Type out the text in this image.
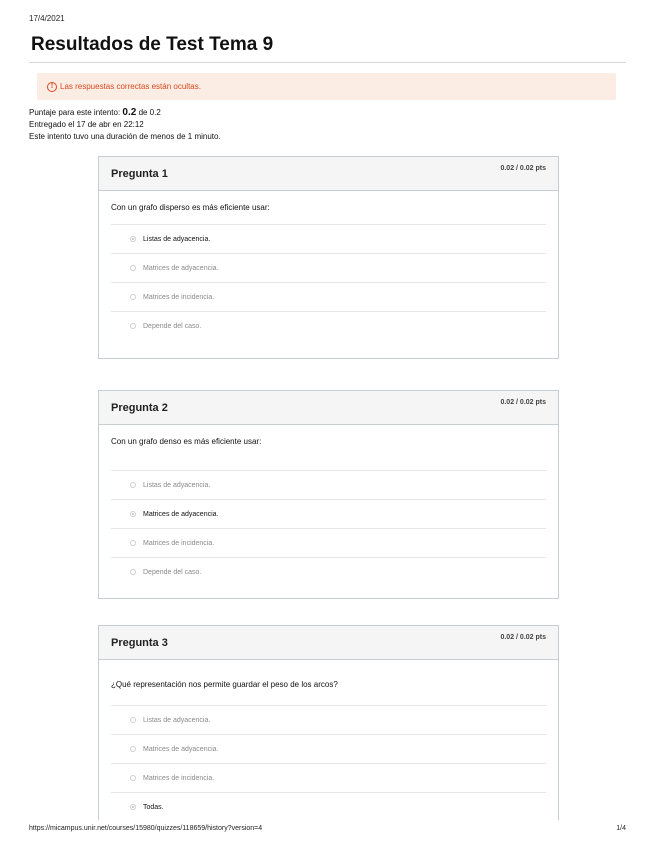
17/4/2021
Resultados de Test Tema 9
! Las respuestas correctas están ocultas.
Puntaje para este intento: 0.2 de 0.2
Entregado el 17 de abr en 22:12
Este intento tuvo una duración de menos de 1 minuto.
Pregunta 1	0.02 / 0.02 pts
Con un grafo disperso es más eficiente usar:
Listas de adyacencia.
Matrices de adyacencia.
Matrices de incidencia.
Depende del caso.
Pregunta 2	0.02 / 0.02 pts
Con un grafo denso es más eficiente usar:
Listas de adyacencia.
Matrices de adyacencia.
Matrices de incidencia.
Depende del caso.
Pregunta 3	0.02 / 0.02 pts
¿Qué representación nos permite guardar el peso de los arcos?
Listas de adyacencia.
Matrices de adyacencia.
Matrices de incidencia.
Todas.
https://micampus.unir.net/courses/15980/quizzes/118659/history?version=4	1/4
